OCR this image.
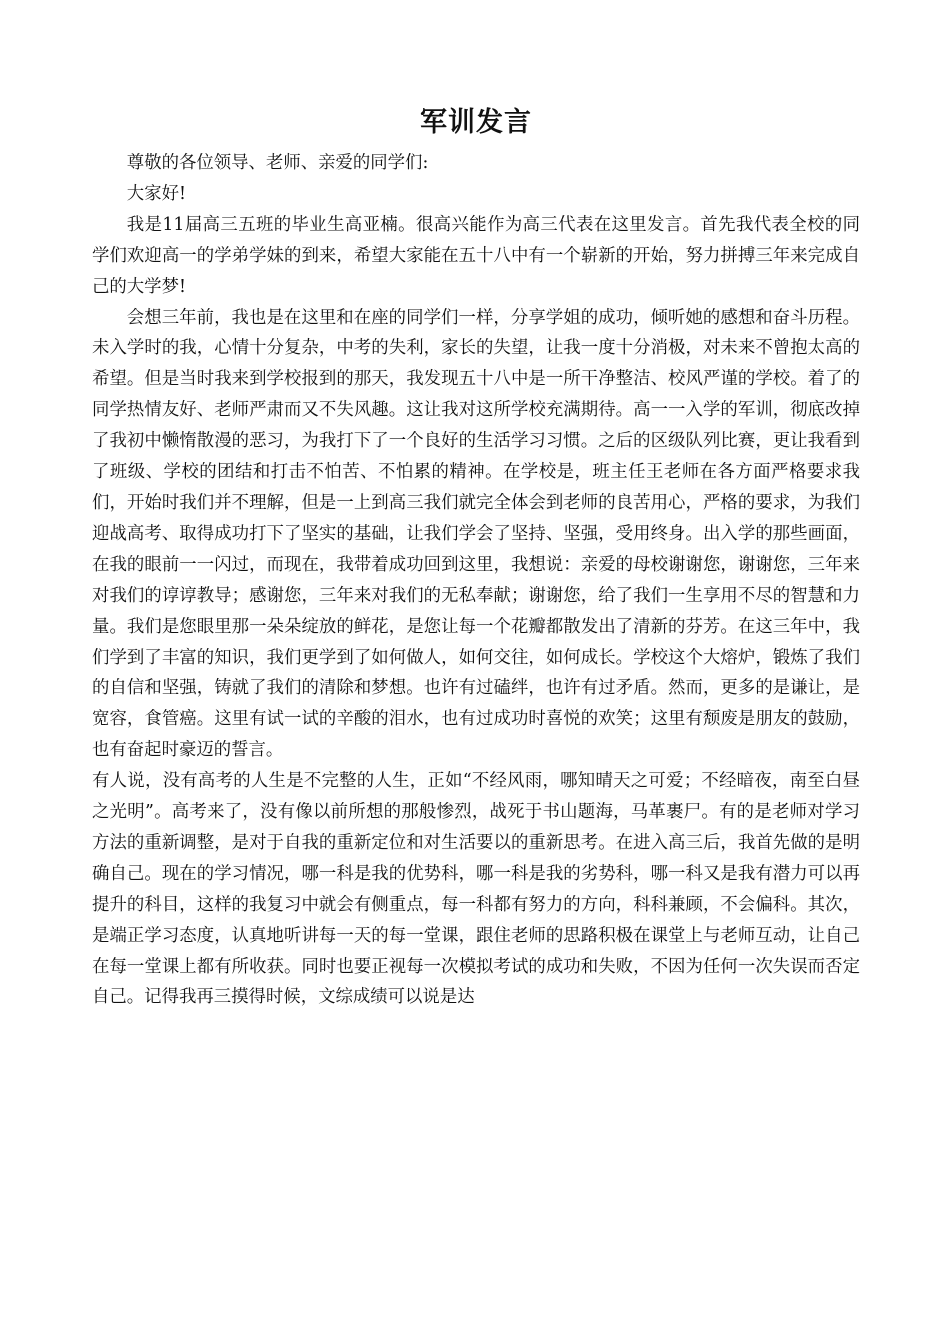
军训发言

尊敬的各位领导、老师、亲爱的同学们:

大家好!

我是11届高三五班的毕业生高亚楠。很高兴能作为高三代表在这里发言。首先我代表全校的同学们欢迎高一的学弟学妹的到来，希望大家能在五十八中有一个崭新的开始，努力拼搏三年来完成自己的大学梦!

会想三年前，我也是在这里和在座的同学们一样，分享学姐的成功，倾听她的感想和奋斗历程。未入学时的我，心情十分复杂，中考的失利，家长的失望，让我一度十分消极，对未来不曾抱太高的希望。但是当时我来到学校报到的那天，我发现五十八中是一所干净整洁、校风严谨的学校。着了的同学热情友好、老师严肃而又不失风趣。这让我对这所学校充满期待。高一一入学的军训，彻底改掉了我初中懒惰散漫的恶习，为我打下了一个良好的生活学习习惯。之后的区级队列比赛，更让我看到了班级、学校的团结和打击不怕苦、不怕累的精神。在学校是，班主任王老师在各方面严格要求我们，开始时我们并不理解，但是一上到高三我们就完全体会到老师的良苦用心，严格的要求，为我们迎战高考、取得成功打下了坚实的基础，让我们学会了坚持、坚强，受用终身。出入学的那些画面，在我的眼前一一闪过，而现在，我带着成功回到这里，我想说：亲爱的母校谢谢您，谢谢您，三年来对我们的谆谆教导；感谢您，三年来对我们的无私奉献；谢谢您，给了我们一生享用不尽的智慧和力量。我们是您眼里那一朵朵绽放的鲜花，是您让每一个花瓣都散发出了清新的芬芳。在这三年中，我们学到了丰富的知识，我们更学到了如何做人，如何交往，如何成长。学校这个大熔炉，锻炼了我们的自信和坚强，铸就了我们的清除和梦想。也许有过磕绊，也许有过矛盾。然而，更多的是谦让，是宽容，食管癌。这里有试一试的辛酸的泪水，也有过成功时喜悦的欢笑；这里有颓废是朋友的鼓励，也有奋起时豪迈的誓言。

有人说，没有高考的人生是不完整的人生，正如“不经风雨，哪知晴天之可爱；不经暗夜，南至白昼之光明”。高考来了，没有像以前所想的那般惨烈，战死于书山题海，马革裹尸。有的是老师对学习方法的重新调整，是对于自我的重新定位和对生活要以的重新思考。在进入高三后，我首先做的是明确自己。现在的学习情况，哪一科是我的优势科，哪一科是我的劣势科，哪一科又是我有潜力可以再提升的科目，这样的我复习中就会有侧重点，每一科都有努力的方向，科科兼顾，不会偏科。其次，是端正学习态度，认真地听讲每一天的每一堂课，跟住老师的思路积极在课堂上与老师互动，让自己在每一堂课上都有所收获。同时也要正视每一次模拟考试的成功和失败，不因为任何一次失误而否定自己。记得我再三摸得时候，文综成绩可以说是达
